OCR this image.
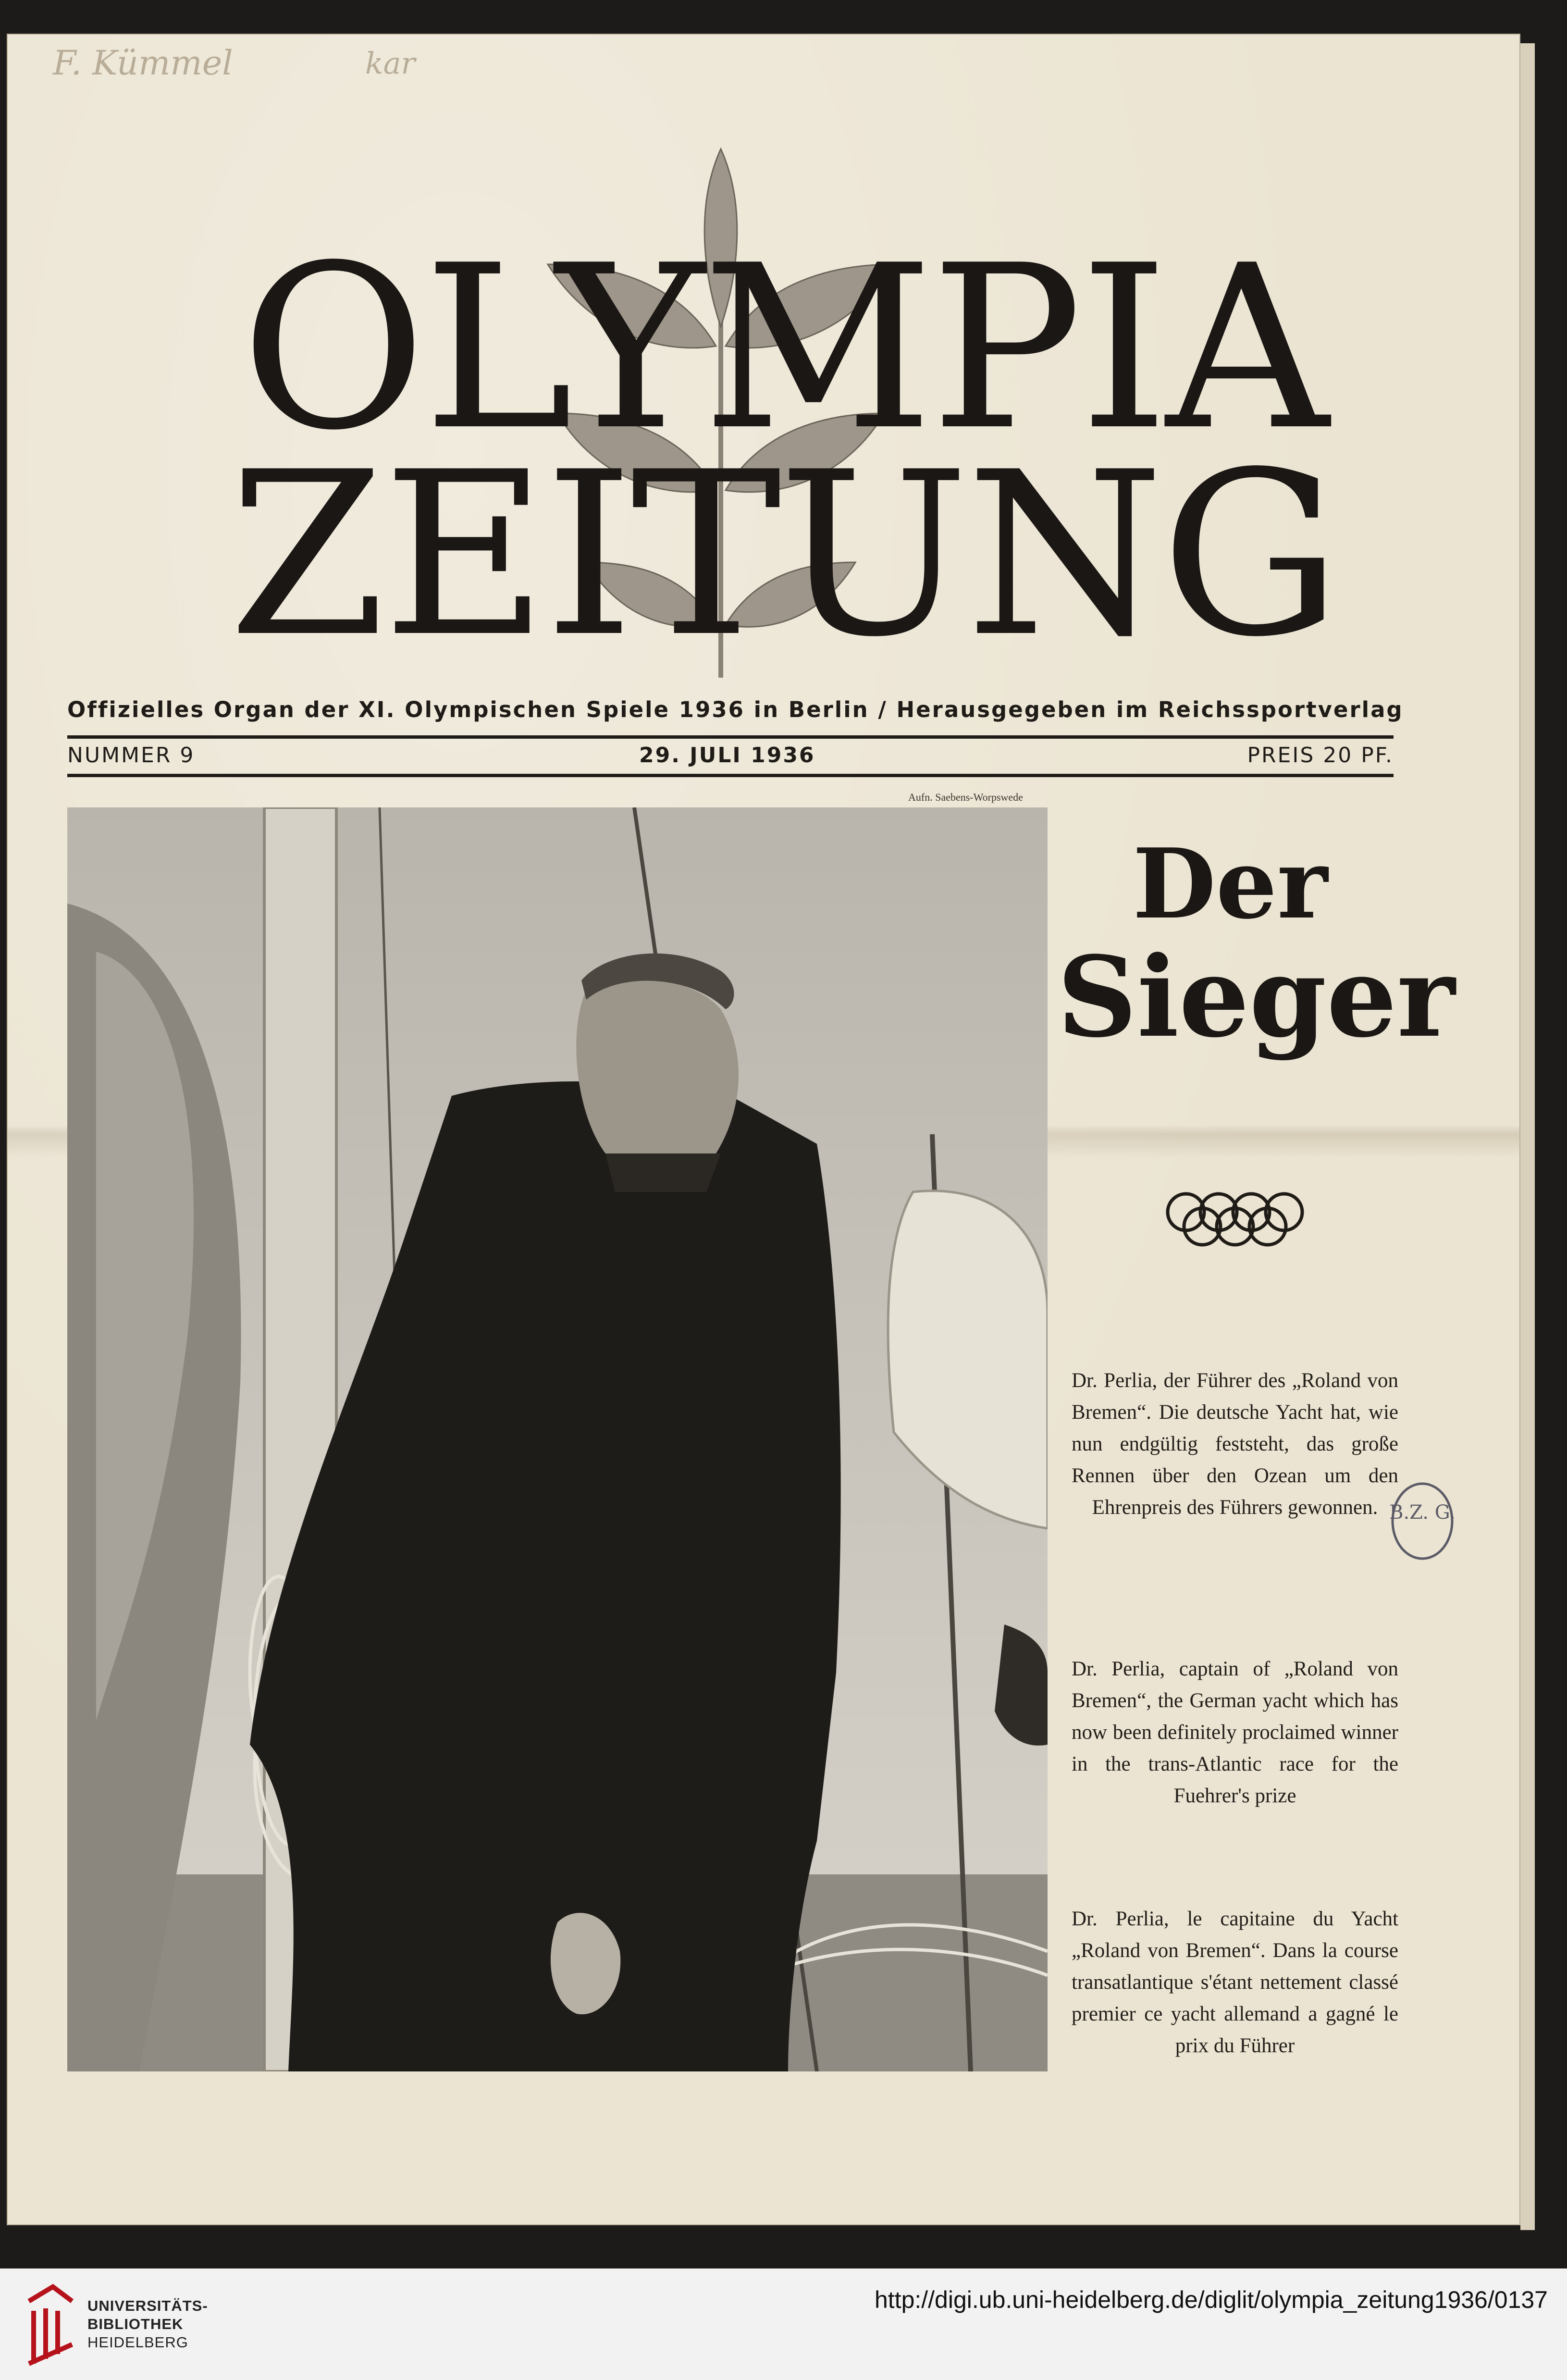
F. Kümmel	kar
OLYMPIA
ZEITUNG
Offizielles Organ der XI. Olympischen Spiele 1936 in Berlin / Herausgegeben im Reichssportverlag
NUMMER 9	29. JULI 1936	PREIS 20 PF.
Aufn. Saebens-Worpswede
Der
Sieger
Dr. Perlia, der Führer des „Roland von Bremen“. Die deutsche Yacht hat, wie nun endgültig feststeht, das große Rennen über den Ozean um den Ehrenpreis des Führers gewonnen.
Dr. Perlia, captain of „Roland von Bremen“, the German yacht which has now been definitely proclaimed winner in the trans-Atlantic race for the Fuehrer's prize
Dr. Perlia, le capitaine du Yacht „Roland von Bremen“. Dans la course transatlantique s'étant nettement classé premier ce yacht allemand a gagné le prix du Führer
B.Z. G.
UNIVERSITÄTS-
BIBLIOTHEK
HEIDELBERG
http://digi.ub.uni-heidelberg.de/diglit/olympia_zeitung1936/0137
